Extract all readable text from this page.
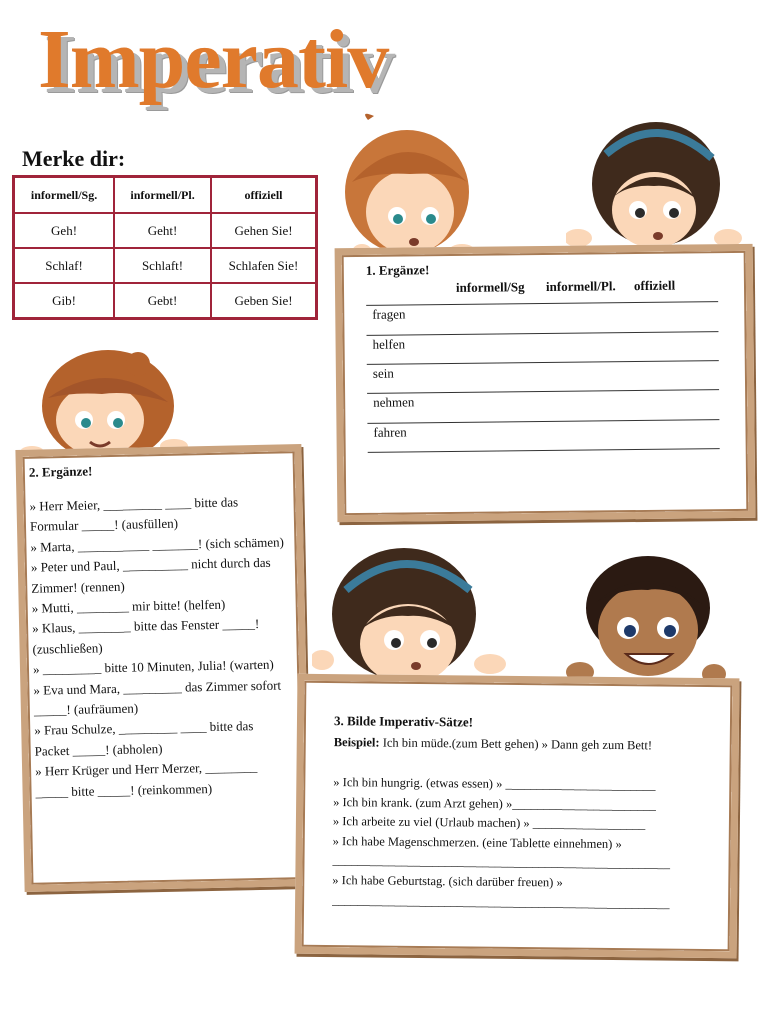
Imperativ
Merke dir:
informell/Sg.	informell/Pl.	offiziell
Geh!	Geht!	Gehen Sie!
Schlaf!	Schlaft!	Schlafen Sie!
Gib!	Gebt!	Geben Sie!
1. Ergänze!
informell/Sg informell/Pl. offiziell
fragen
helfen
sein
nehmen
fahren
2. Ergänze!
» Herr Meier, _________ ____ bitte das Formular _____! (ausfüllen)
» Marta, ___________ _______! (sich schämen)
» Peter und Paul, __________ nicht durch das Zimmer! (rennen)
» Mutti, ________ mir bitte! (helfen)
» Klaus, ________ bitte das Fenster _____! (zuschließen)
» _________ bitte 10 Minuten, Julia! (warten)
» Eva und Mara, _________ das Zimmer sofort _____! (aufräumen)
» Frau Schulze, _________ ____ bitte das Packet _____! (abholen)
» Herr Krüger und Herr Merzer, ________ _____ bitte _____! (reinkommen)
3. Bilde Imperativ-Sätze!
Beispiel: Ich bin müde.(zum Bett gehen) » Dann geh zum Bett!
» Ich bin hungrig. (etwas essen) » ________________________
» Ich bin krank. (zum Arzt gehen) »_______________________
» Ich arbeite zu viel (Urlaub machen) » __________________
» Ich habe Magenschmerzen. (eine Tablette einnehmen) »
______________________________________________________
» Ich habe Geburtstag. (sich darüber freuen) »
______________________________________________________
